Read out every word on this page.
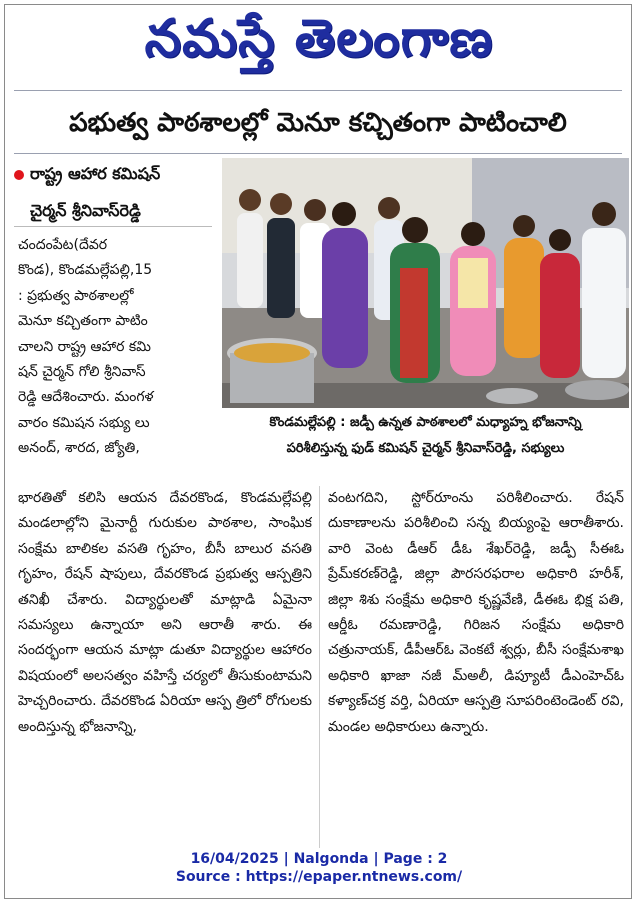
నమస్తే తెలంగాణ
పభుత్వ పాఠశాలల్లో మెనూ కచ్చితంగా పాటించాలి
రాష్ట్ర ఆహార కమిషన్
చైర్మన్ శ్రీనివాస్‌రెడ్డి

చందంపేట(దేవర

కొండ), కొండమల్లేపల్లి,15

: ప్రభుత్వ పాఠశాలల్లో

మెనూ కచ్చితంగా పాటిం

చాలని రాష్ట్ర ఆహార కమి

షన్ చైర్మన్ గోలి శ్రీనివాస్

రెడ్డి ఆదేశించారు. మంగళ

వారం కమిషన సభ్యు లు

అనంద్, శారద, జ్యోతి,

కొండమల్లేపల్లి : జడ్పీ ఉన్నత పాఠశాలలో మధ్యాహ్న భోజనాన్ని
పరిశీలిస్తున్న ఫుడ్ కమిషన్ చైర్మన్ శ్రీనివాస్‌రెడ్డి, సభ్యులు

భారతితో కలిసి ఆయన దేవరకొండ, కొండమల్లేపల్లి మండలాల్లోని మైనార్టీ గురుకుల పాఠశాల, సాంఘిక సంక్షేమ బాలికల వసతి గృహం, బీసీ బాలుర వసతి గృహం, రేషన్ షాపులు, దేవరకొండ ప్రభుత్వ ఆస్పత్రిని తనిఖీ చేశారు. విద్యార్థులతో మాట్లాడి ఏమైనా సమస్యలు ఉన్నాయా అని ఆరాతీ శారు. ఈ సందర్భంగా ఆయన మాట్లా డుతూ విద్యార్థుల ఆహారం విషయంలో అలసత్వం వహిస్తే చర్యలో తీసుకుంటామని హెచ్చరించారు. దేవరకొండ ఏరియా ఆస్ప త్రిలో రోగులకు అందిస్తున్న భోజనాన్ని,

వంటగదిని, స్టోర్‌రూంను పరిశీలించారు. రేషన్ దుకాణాలను పరిశీలించి సన్న బియ్యంపై ఆరాతీశారు. వారి వెంట డీఆర్ డీఓ శేఖర్‌రెడ్డి, జడ్పీ సీఈఓ ప్రేమ్‌కరణ్‌రెడ్డి, జిల్లా పౌరసరఫరాల అధికారి హరీశ్, జిల్లా శిశు సంక్షేమ అధికారి కృష్ణవేణి, డీఈఓ భిక్ష పతి, ఆర్డీఓ రమణారెడ్డి, గిరిజన సంక్షేమ అధికారి చత్రునాయక్, డీపీఆర్ఓ వెంకటే శ్వర్లు, బీసీ సంక్షేమశాఖ అధికారి ఖాజా నజీ మ్అలీ, డిప్యూటీ డీఎంహెచ్ఓ కళ్యాణ్‌చక్ర వర్తి, ఏరియా ఆస్పత్రి సూపరింటెండెంట్ రవి, మండల అధికారులు ఉన్నారు.

16/04/2025 | Nalgonda | Page : 2
Source : https://epaper.ntnews.com/
